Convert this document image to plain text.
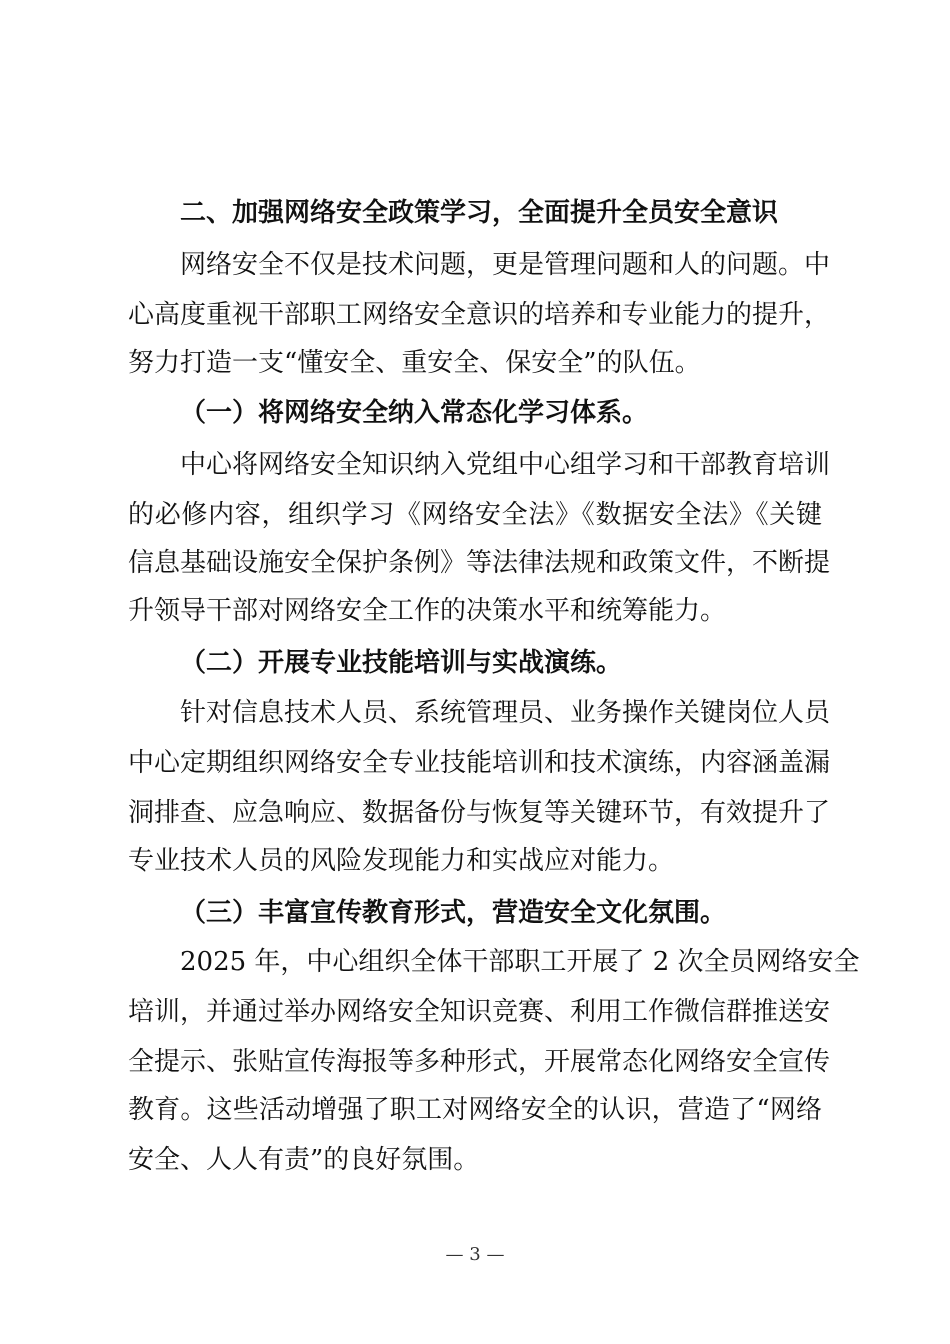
二、加强网络安全政策学习，全面提升全员安全意识
网络安全不仅是技术问题，更是管理问题和人的问题。中
心高度重视干部职工网络安全意识的培养和专业能力的提升，
努力打造一支“懂安全、重安全、保安全”的队伍。
（一）将网络安全纳入常态化学习体系。
中心将网络安全知识纳入党组中心组学习和干部教育培训
的必修内容，组织学习《网络安全法》《数据安全法》《关键
信息基础设施安全保护条例》等法律法规和政策文件，不断提
升领导干部对网络安全工作的决策水平和统筹能力。
（二）开展专业技能培训与实战演练。
针对信息技术人员、系统管理员、业务操作关键岗位人员
中心定期组织网络安全专业技能培训和技术演练，内容涵盖漏
洞排查、应急响应、数据备份与恢复等关键环节，有效提升了
专业技术人员的风险发现能力和实战应对能力。
（三）丰富宣传教育形式，营造安全文化氛围。
2025 年，中心组织全体干部职工开展了 2 次全员网络安全
培训，并通过举办网络安全知识竞赛、利用工作微信群推送安
全提示、张贴宣传海报等多种形式，开展常态化网络安全宣传
教育。这些活动增强了职工对网络安全的认识，营造了“网络
安全、人人有责”的良好氛围。
— 3 —
